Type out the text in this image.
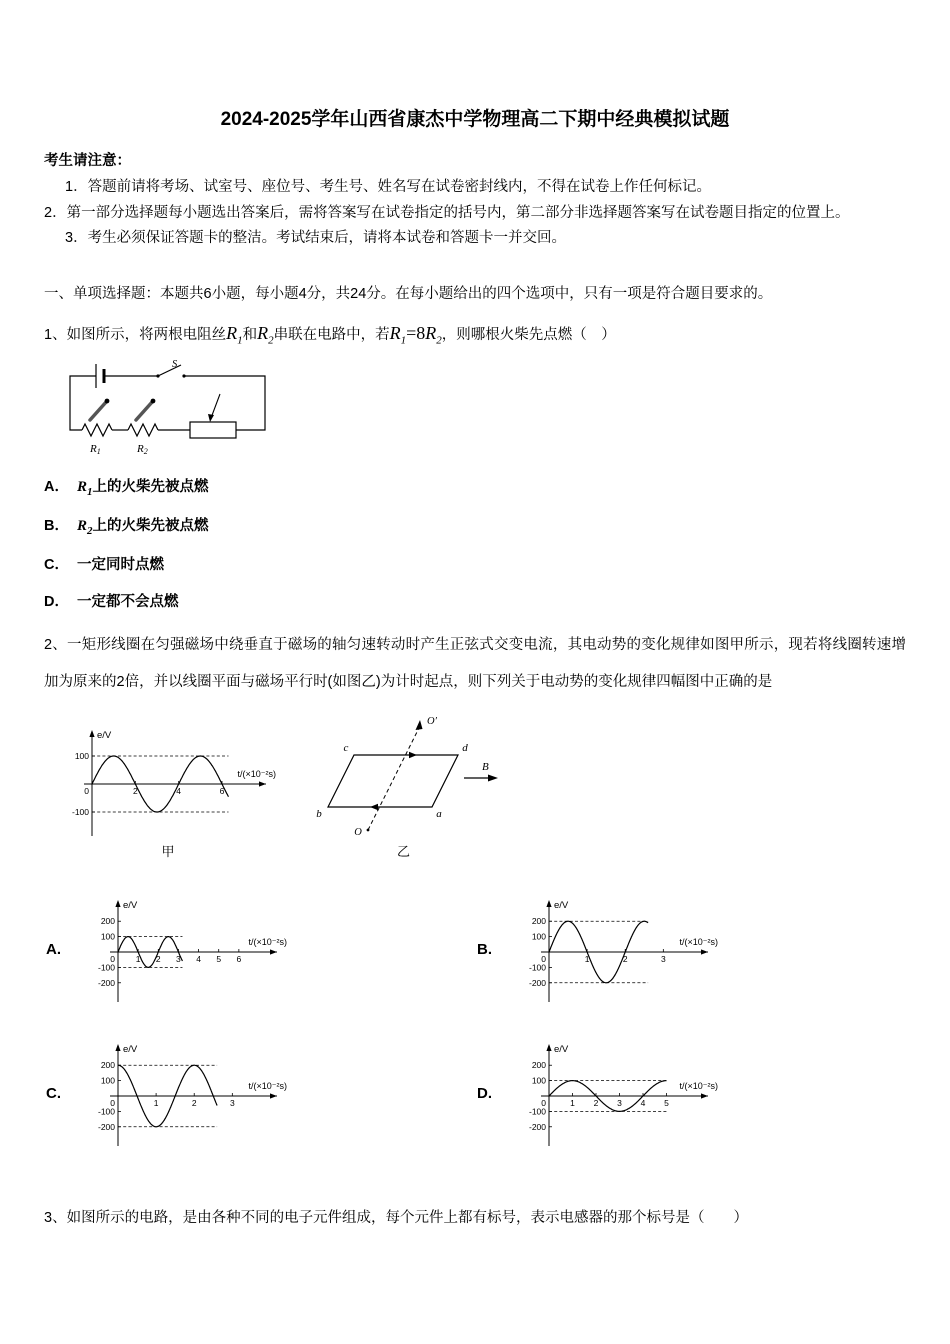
2024-2025学年山西省康杰中学物理高二下期中经典模拟试题

考生请注意：

1．答题前请将考场、试室号、座位号、考生号、姓名写在试卷密封线内，不得在试卷上作任何标记。

2．第一部分选择题每小题选出答案后，需将答案写在试卷指定的括号内，第二部分非选择题答案写在试卷题目指定的位置上。

3．考生必须保证答题卡的整洁。考试结束后，请将本试卷和答题卡一并交回。

一、单项选择题：本题共6小题，每小题4分，共24分。在每小题给出的四个选项中，只有一项是符合题目要求的。

1、如图所示，将两根电阻丝$R_1$和$R_2$串联在电路中，若$R_1=8R_2$，则哪根火柴先点燃（　）

S
R1	R2

A． $R_1$上的火柴先被点燃

B． $R_2$上的火柴先被点燃

C． 一定同时点燃

D． 一定都不会点燃

2、一矩形线圈在匀强磁场中绕垂直于磁场的轴匀速转动时产生正弦式交变电流，其电动势的变化规律如图甲所示，现若将线圈转速增加为原来的2倍，并以线圈平面与磁场平行时(如图乙)为计时起点，则下列关于电动势的变化规律四幅图中正确的是

e/V
t/(×10⁻²s)
0	2	4	6
100
-100
甲
B
c	d
a
b
O
O′
乙
A.
e/V
t/(×10⁻²s)
0 1 2 3 4 5 6
200
100
-100
-200
B.
e/V
t/(×10⁻²s)
0	1	2	3
200
100
-100
-200
C.
e/V
t/(×10⁻²s)
0	1	2	3
200
100
-100
-200
D.
e/V
t/(×10⁻²s)
0	1 2 3 4 5
200
100
-100
-200

3、如图所示的电路，是由各种不同的电子元件组成，每个元件上都有标号，表示电感器的那个标号是（　　）
